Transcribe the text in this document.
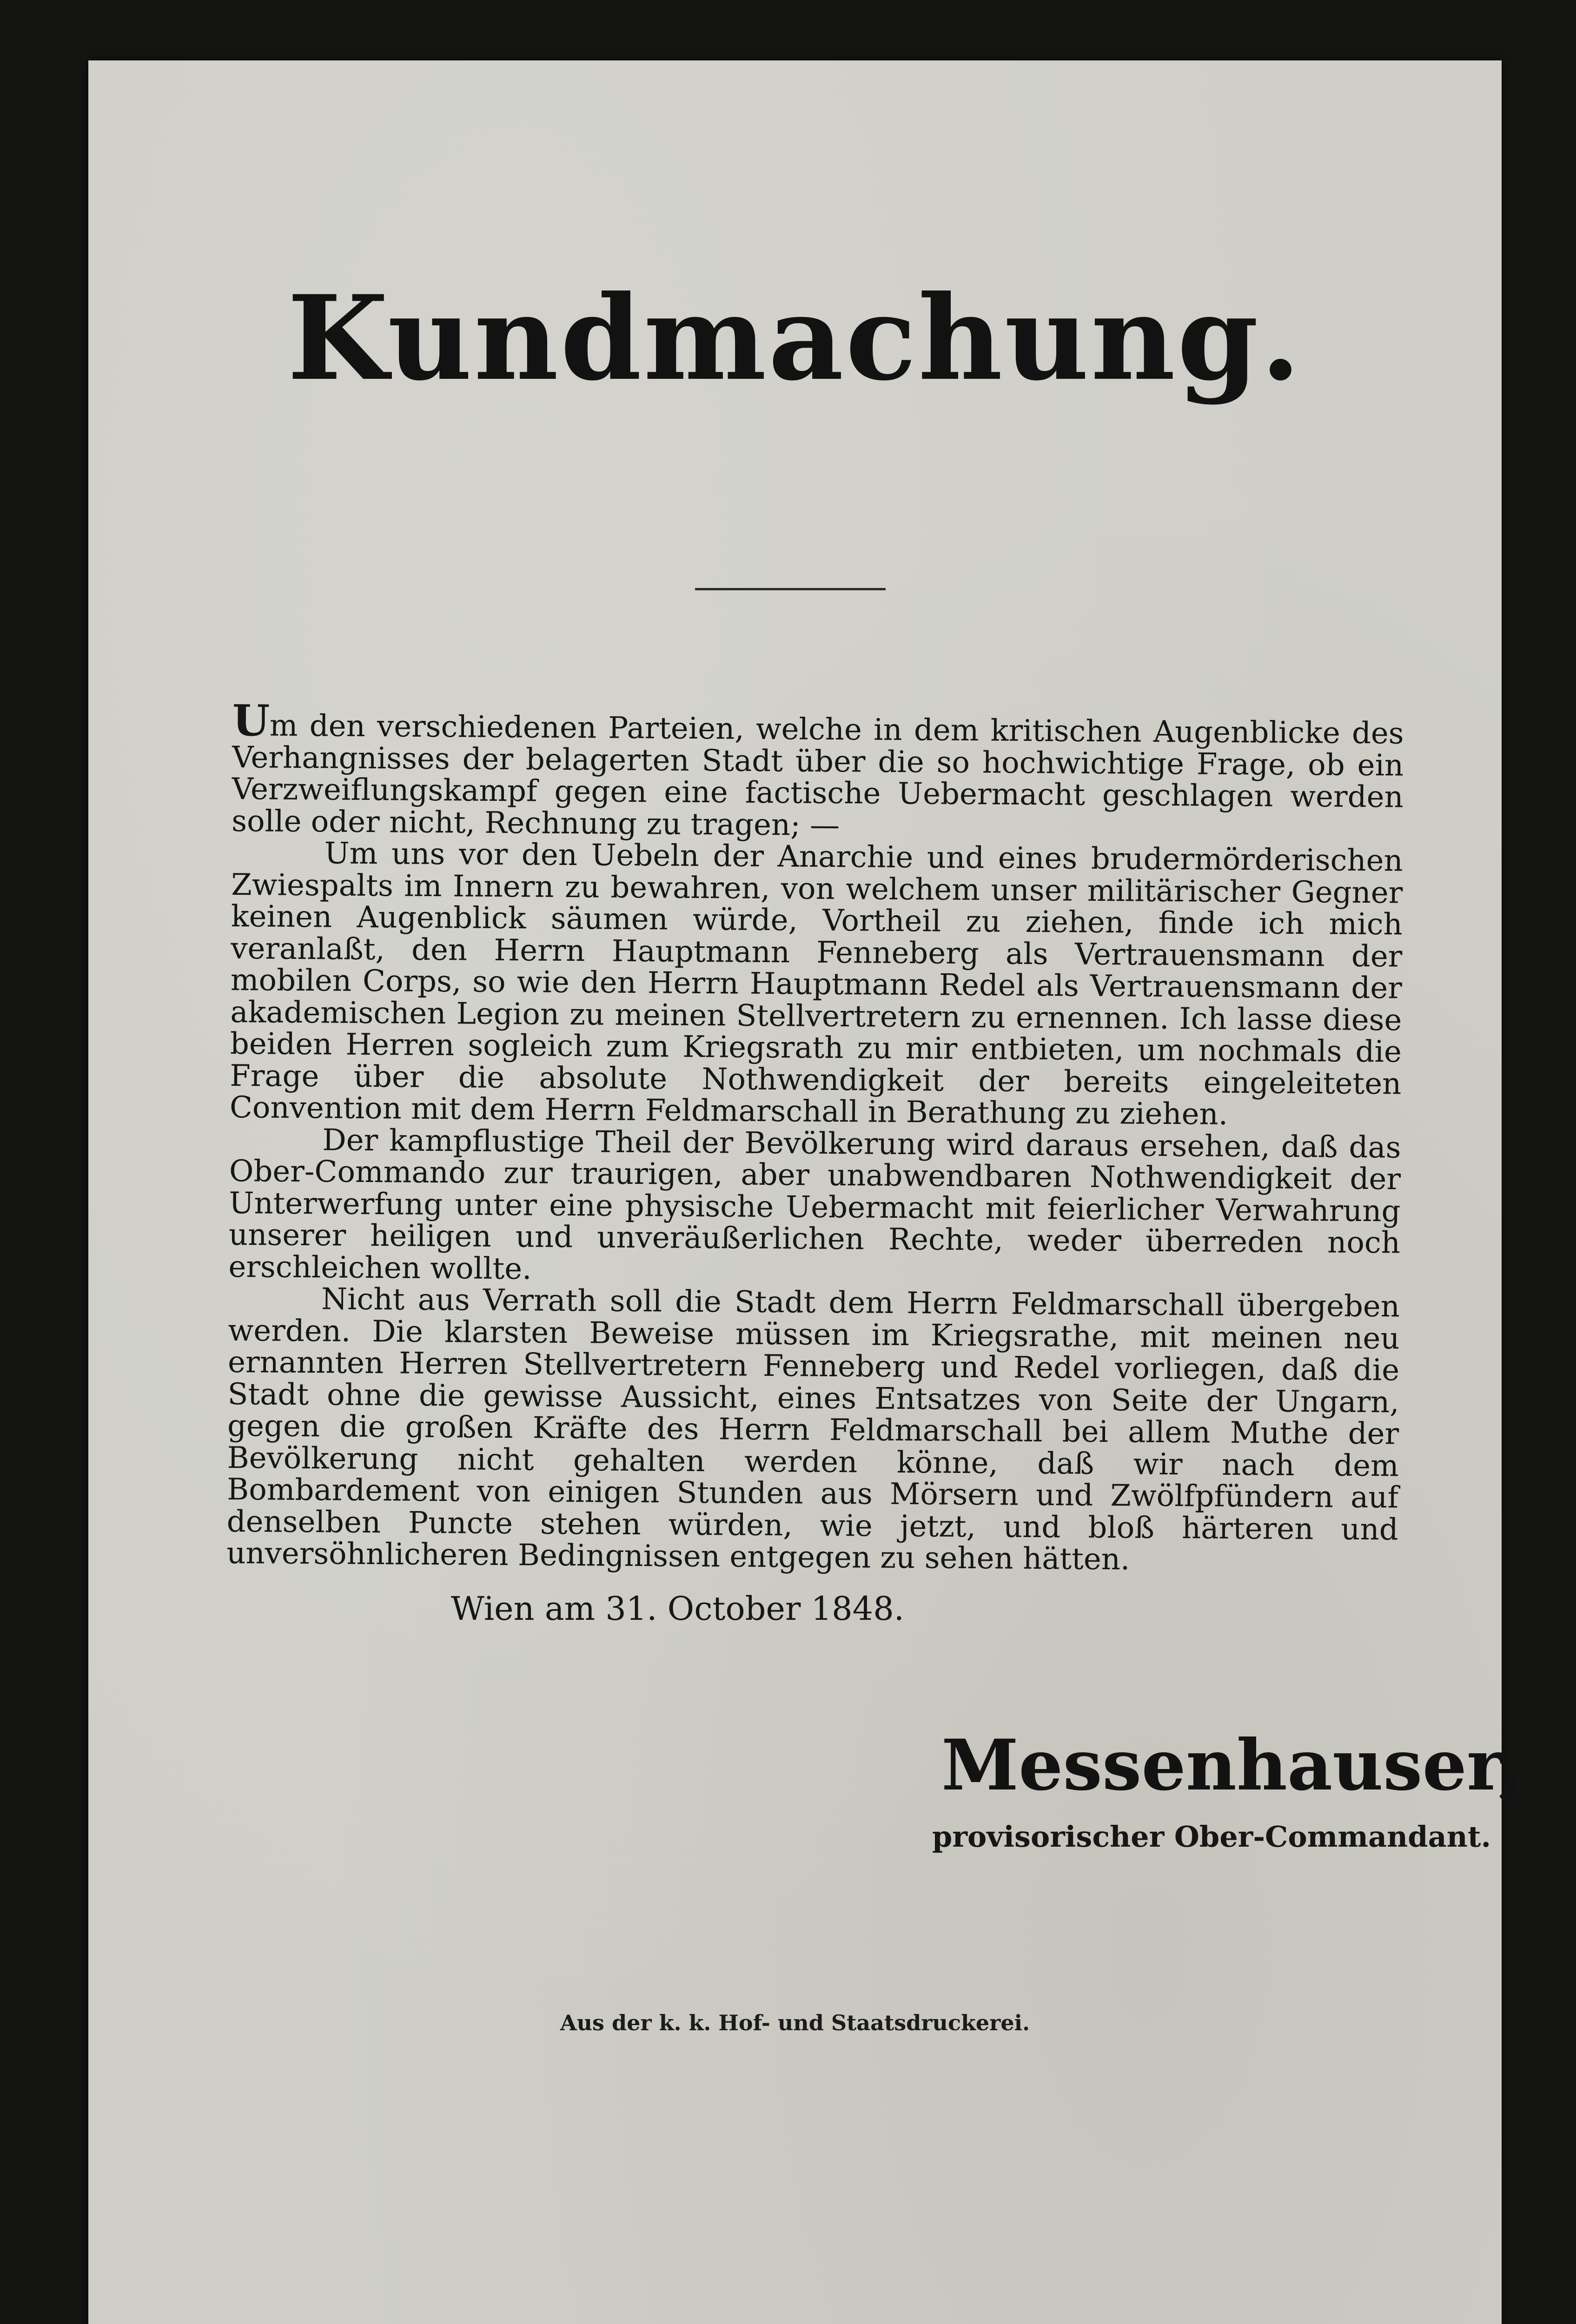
Kundmachung.

Um den verschiedenen Parteien, welche in dem kritischen Augenblicke des Verhangnisses der belagerten Stadt über die so hochwichtige Frage, ob ein Verzweiflungskampf gegen eine factische Uebermacht geschlagen werden solle oder nicht, Rechnung zu tragen; —

Um uns vor den Uebeln der Anarchie und eines brudermörderischen Zwiespalts im Innern zu bewahren, von welchem unser militärischer Gegner keinen Augenblick säumen würde, Vortheil zu ziehen, finde ich mich veranlaßt, den Herrn Hauptmann Fenneberg als Vertrauensmann der mobilen Corps, so wie den Herrn Hauptmann Redel als Vertrauensmann der akademischen Legion zu meinen Stellvertretern zu ernennen. Ich lasse diese beiden Herren sogleich zum Kriegsrath zu mir entbieten, um nochmals die Frage über die absolute Nothwendigkeit der bereits eingeleiteten Convention mit dem Herrn Feldmarschall in Berathung zu ziehen.

Der kampflustige Theil der Bevölkerung wird daraus ersehen, daß das Ober-Commando zur traurigen, aber unabwendbaren Nothwendigkeit der Unterwerfung unter eine physische Uebermacht mit feierlicher Verwahrung unserer heiligen und unveräußerlichen Rechte, weder überreden noch erschleichen wollte.

Nicht aus Verrath soll die Stadt dem Herrn Feldmarschall übergeben werden. Die klarsten Beweise müssen im Kriegsrathe, mit meinen neu ernannten Herren Stellvertretern Fenneberg und Redel vorliegen, daß die Stadt ohne die gewisse Aussicht, eines Entsatzes von Seite der Ungarn, gegen die großen Kräfte des Herrn Feldmarschall bei allem Muthe der Bevölkerung nicht gehalten werden könne, daß wir nach dem Bombardement von einigen Stunden aus Mörsern und Zwölfpfündern auf denselben Puncte stehen würden, wie jetzt, und bloß härteren und unversöhnlicheren Bedingnissen entgegen zu sehen hätten.

Wien am 31. October 1848.
Messenhauser,
provisorischer Ober-Commandant.
Aus der k. k. Hof- und Staatsdruckerei.
